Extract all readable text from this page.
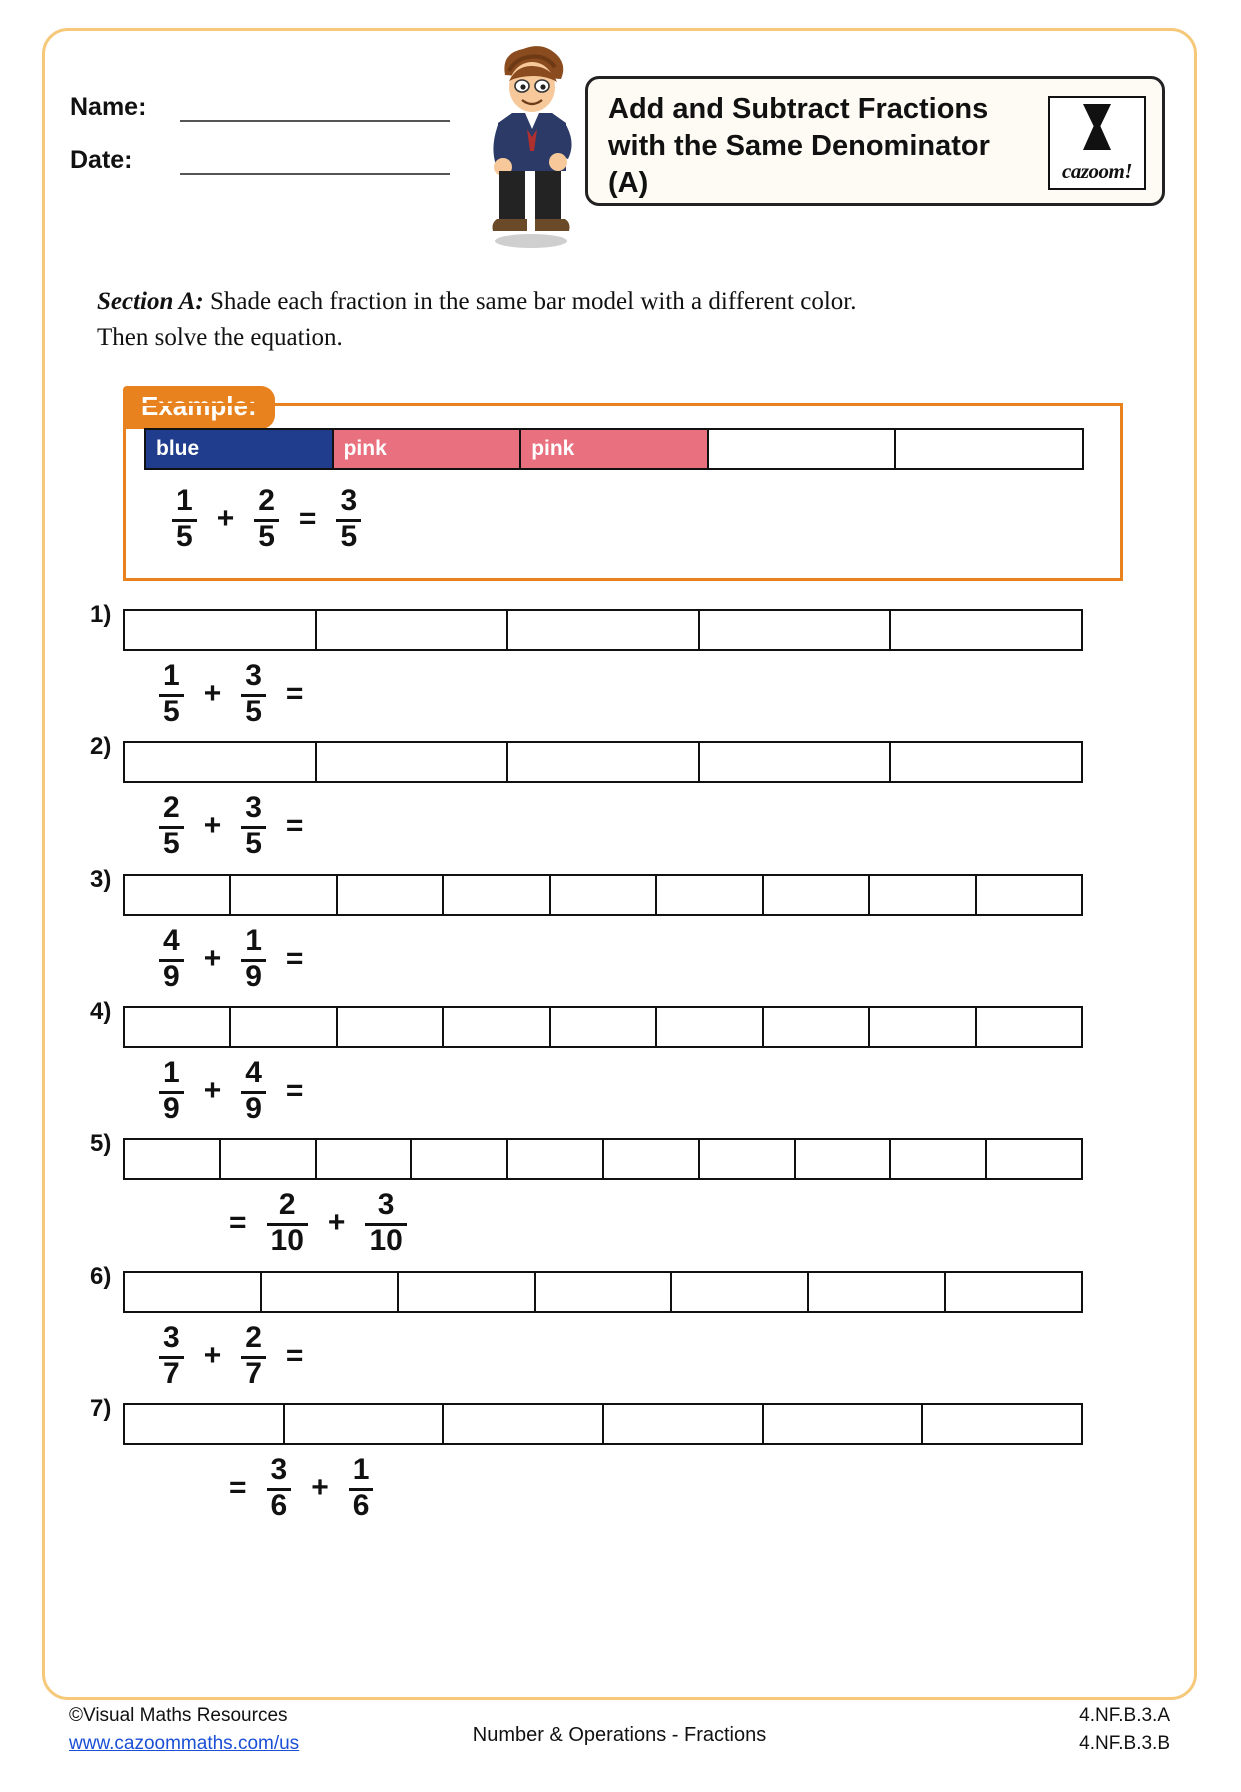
Name:
Date:
Add and Subtract Fractions with the Same Denominator (A)	cazoom!
Section A: Shade each fraction in the same bar model with a different color.
Then solve the equation.
Example:
blue	pink	pink
$\frac{1}{5} + \frac{2}{5} = \frac{3}{5}$
1)
$\frac{1}{5} + \frac{3}{5}$ =
2)
$\frac{2}{5} + \frac{3}{5}$ =
3)
$\frac{4}{9} + \frac{1}{9}$ =
4)
$\frac{1}{9} + \frac{4}{9}$ =
5)
= $\frac{2}{10} + \frac{3}{10}$
6)
$\frac{3}{7} + \frac{2}{7}$ =
7)
= $\frac{3}{6} + \frac{1}{6}$
©Visual Maths Resources
www.cazoommaths.com/us	Number & Operations - Fractions
4.NF.B.3.A
4.NF.B.3.B
